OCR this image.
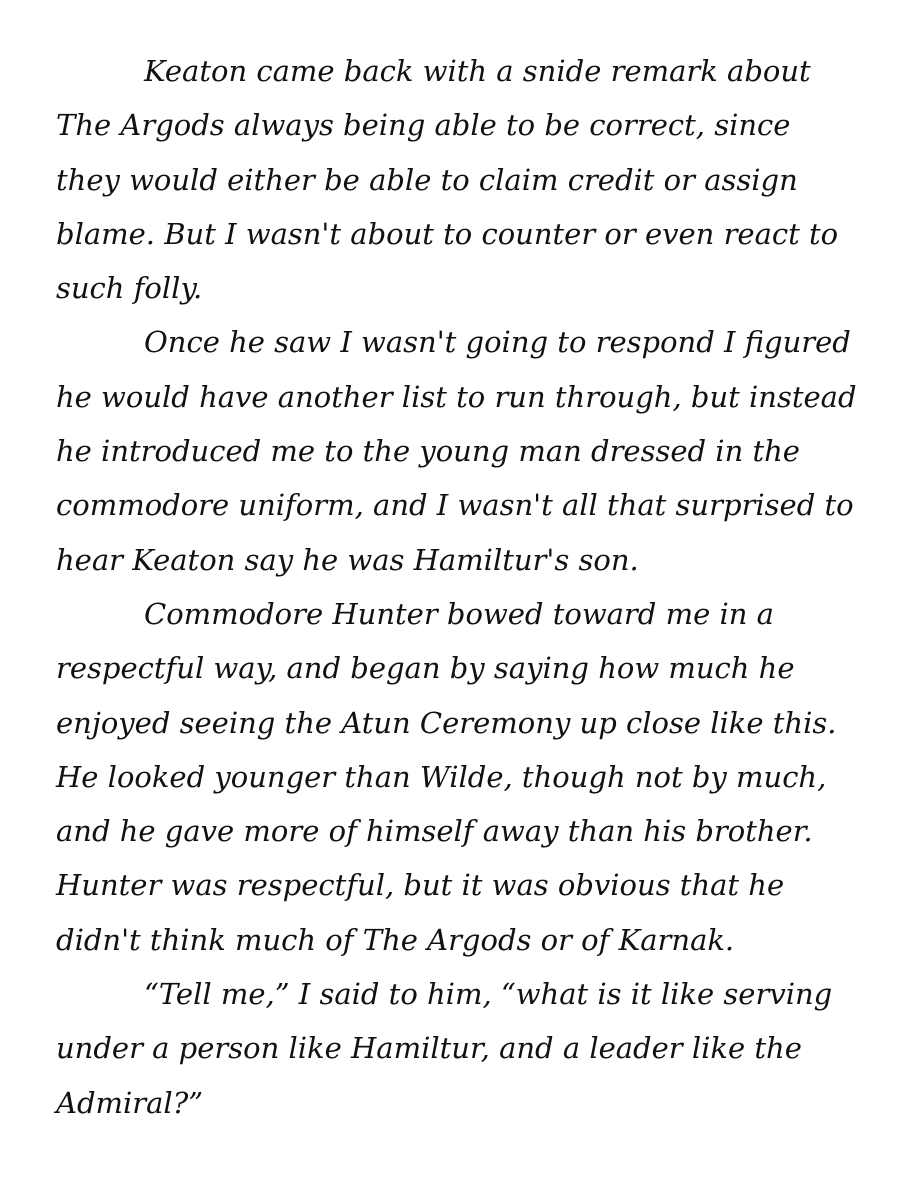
Keaton came back with a snide remark about
The Argods always being able to be correct, since
they would either be able to claim credit or assign
blame. But I wasn't about to counter or even react to
such folly.
Once he saw I wasn't going to respond I figured
he would have another list to run through, but instead
he introduced me to the young man dressed in the
commodore uniform, and I wasn't all that surprised to
hear Keaton say he was Hamiltur's son.
Commodore Hunter bowed toward me in a
respectful way, and began by saying how much he
enjoyed seeing the Atun Ceremony up close like this.
He looked younger than Wilde, though not by much,
and he gave more of himself away than his brother.
Hunter was respectful, but it was obvious that he
didn't think much of The Argods or of Karnak.
“Tell me,” I said to him, “what is it like serving
under a person like Hamiltur, and a leader like the
Admiral?”
